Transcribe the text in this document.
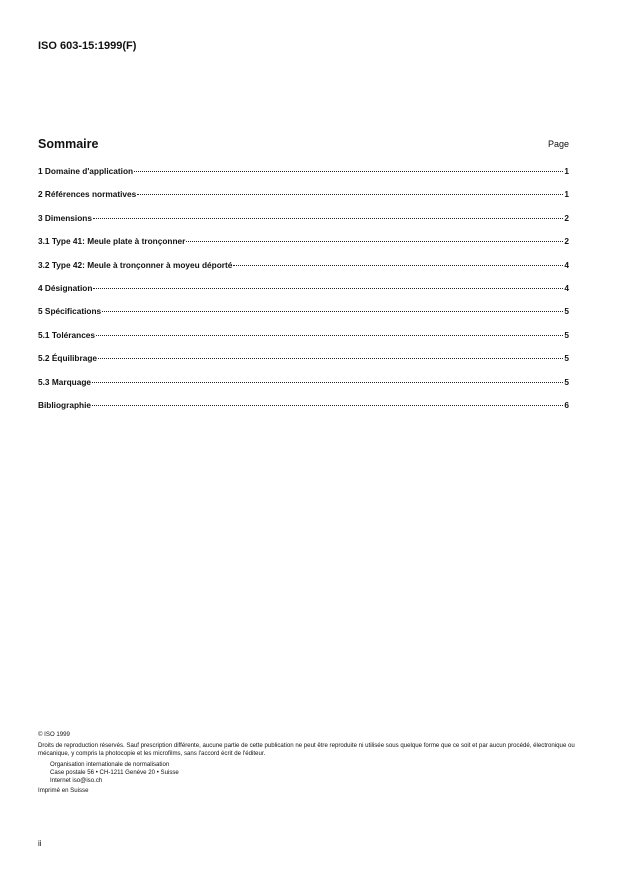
ISO 603-15:1999(F)
Sommaire	Page
1 Domaine d'application	1
2 Références normatives	1
3 Dimensions	2
3.1 Type 41: Meule plate à tronçonner	2
3.2 Type 42: Meule à tronçonner à moyeu déporté	4
4 Désignation	4
5 Spécifications	5
5.1 Tolérances	5
5.2 Équilibrage	5
5.3 Marquage	5
Bibliographie	6
© ISO 1999

Droits de reproduction réservés. Sauf prescription différente, aucune partie de cette publication ne peut être reproduite ni utilisée sous quelque forme que ce soit et par aucun procédé, électronique ou mécanique, y compris la photocopie et les microfilms, sans l'accord écrit de l'éditeur.

Organisation internationale de normalisation
Case postale 56 • CH-1211 Genève 20 • Suisse
Internet iso@iso.ch
Imprimé en Suisse
ii
